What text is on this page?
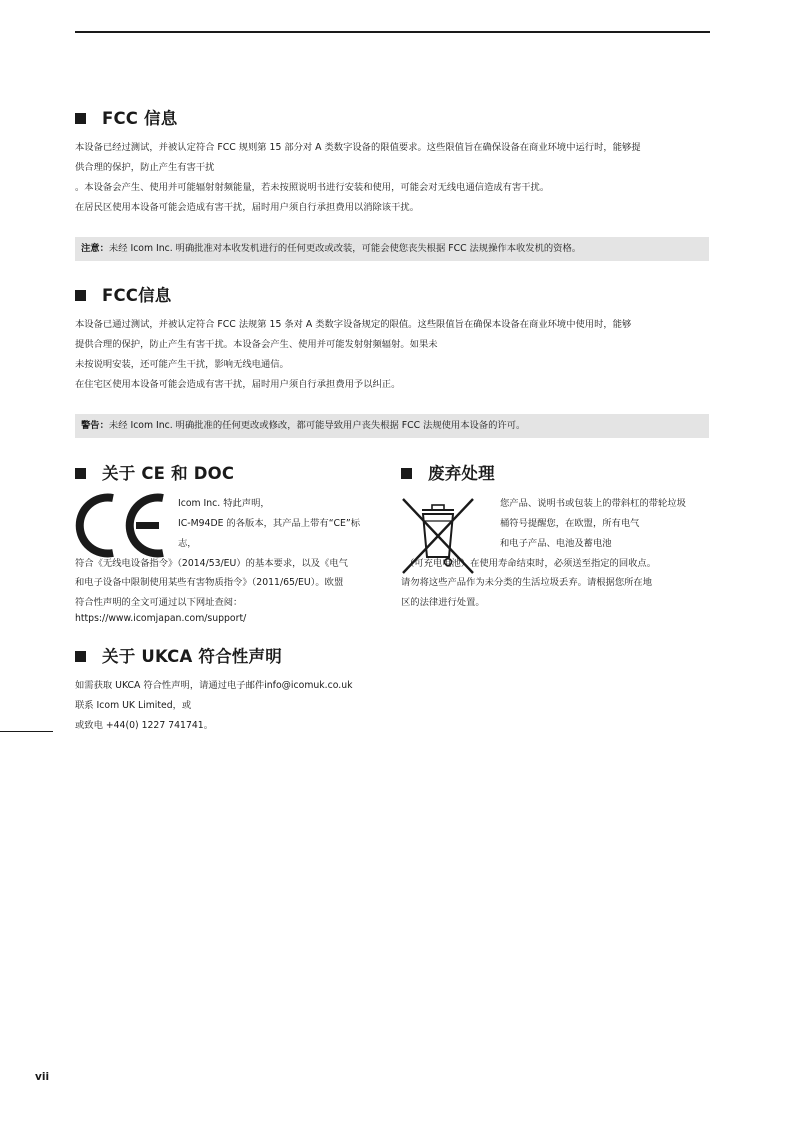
FCC 信息

本设备已经过测试，并被认定符合 FCC 规则第 15 部分对 A 类数字设备的限值要求。这些限值旨在确保设备在商业环境中运行时，能够提

供合理的保护，防止产生有害干扰

。本设备会产生、使用并可能辐射射频能量，若未按照说明书进行安装和使用，可能会对无线电通信造成有害干扰。

在居民区使用本设备可能会造成有害干扰，届时用户须自行承担费用以消除该干扰。

注意：未经 Icom Inc. 明确批准对本收发机进行的任何更改或改装，可能会使您丧失根据 FCC 法规操作本收发机的资格。

FCC信息

本设备已通过测试，并被认定符合 FCC 法规第 15 条对 A 类数字设备规定的限值。这些限值旨在确保本设备在商业环境中使用时，能够

提供合理的保护，防止产生有害干扰。本设备会产生、使用并可能发射射频辐射。如果未

未按说明安装，还可能产生干扰，影响无线电通信。

在住宅区使用本设备可能会造成有害干扰，届时用户须自行承担费用予以纠正。

警告：未经 Icom Inc. 明确批准的任何更改或修改，都可能导致用户丧失根据 FCC 法规使用本设备的许可。

关于 CE 和 DOC

Icom Inc. 特此声明，

IC-M94DE 的各版本，其产品上带有“CE”标

志，

符合《无线电设备指令》（2014/53/EU）的基本要求，以及《电气

和电子设备中限制使用某些有害物质指令》（2011/65/EU）。欧盟

符合性声明的全文可通过以下网址查阅：

https://www.icomjapan.com/support/

废弃处理

您产品、说明书或包装上的带斜杠的带轮垃圾

桶符号提醒您，在欧盟，所有电气

和电子产品、电池及蓄电池

（可充电电池）在使用寿命结束时，必须送至指定的回收点。

请勿将这些产品作为未分类的生活垃圾丢弃。请根据您所在地

区的法律进行处置。

关于 UKCA 符合性声明

如需获取 UKCA 符合性声明，请通过电子邮件info@icomuk.co.uk

联系 Icom UK Limited，或

或致电 +44(0) 1227 741741。

vii
